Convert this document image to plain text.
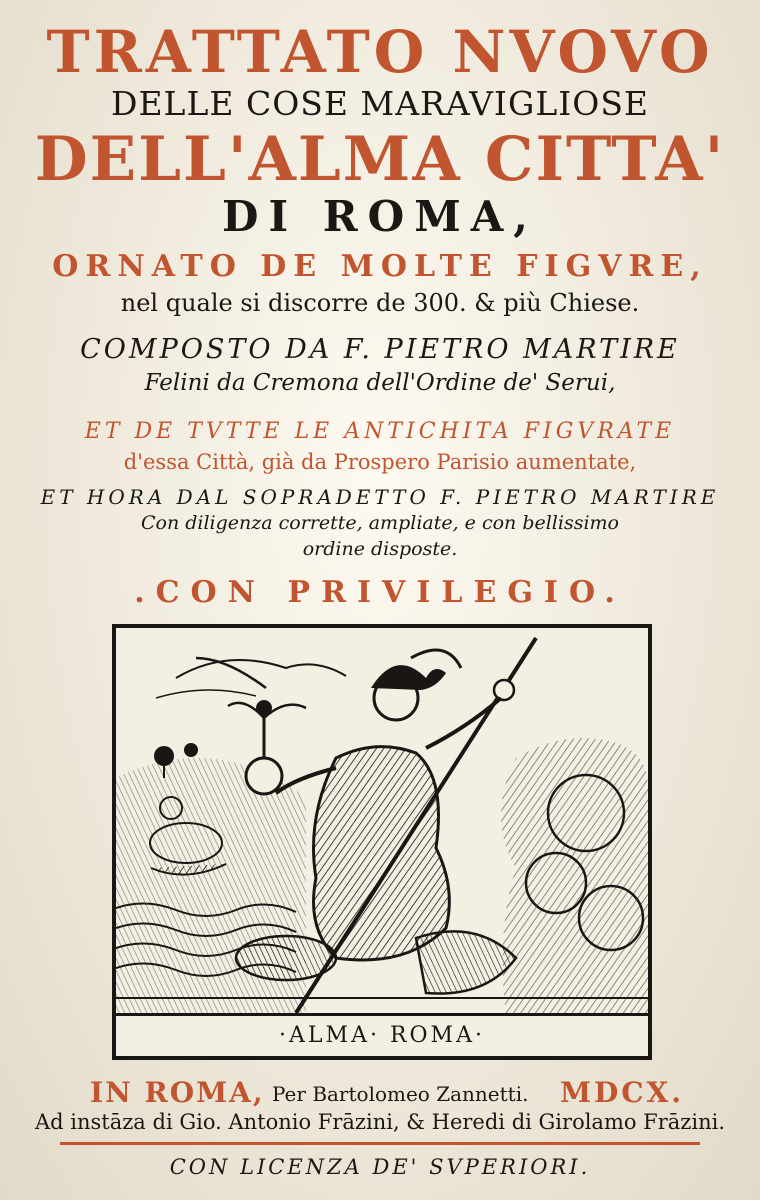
TRATTATO NVOVO
DELLE COSE MARAVIGLIOSE
DELL'ALMA CITTA'
DI ROMA,
ORNATO DE MOLTE FIGVRE,
nel quale si discorre de 300. & più Chiese.
COMPOSTO DA F. PIETRO MARTIRE
Felini da Cremona dell'Ordine de' Serui,
ET DE TVTTE LE ANTICHITA FIGVRATE
d'essa Città, già da Prospero Parisio aumentate,
ET HORA DAL SOPRADETTO F. PIETRO MARTIRE
Con diligenza corrette, ampliate, e con bellissimo
ordine disposte.
.CON PRIVILEGIO.
·ALMA· ROMA·
IN ROMA, Per Bartolomeo Zannetti. MDCX.
Ad instāza di Gio. Antonio Frāzini, & Heredi di Girolamo Frāzini.
CON LICENZA DE' SVPERIORI.
